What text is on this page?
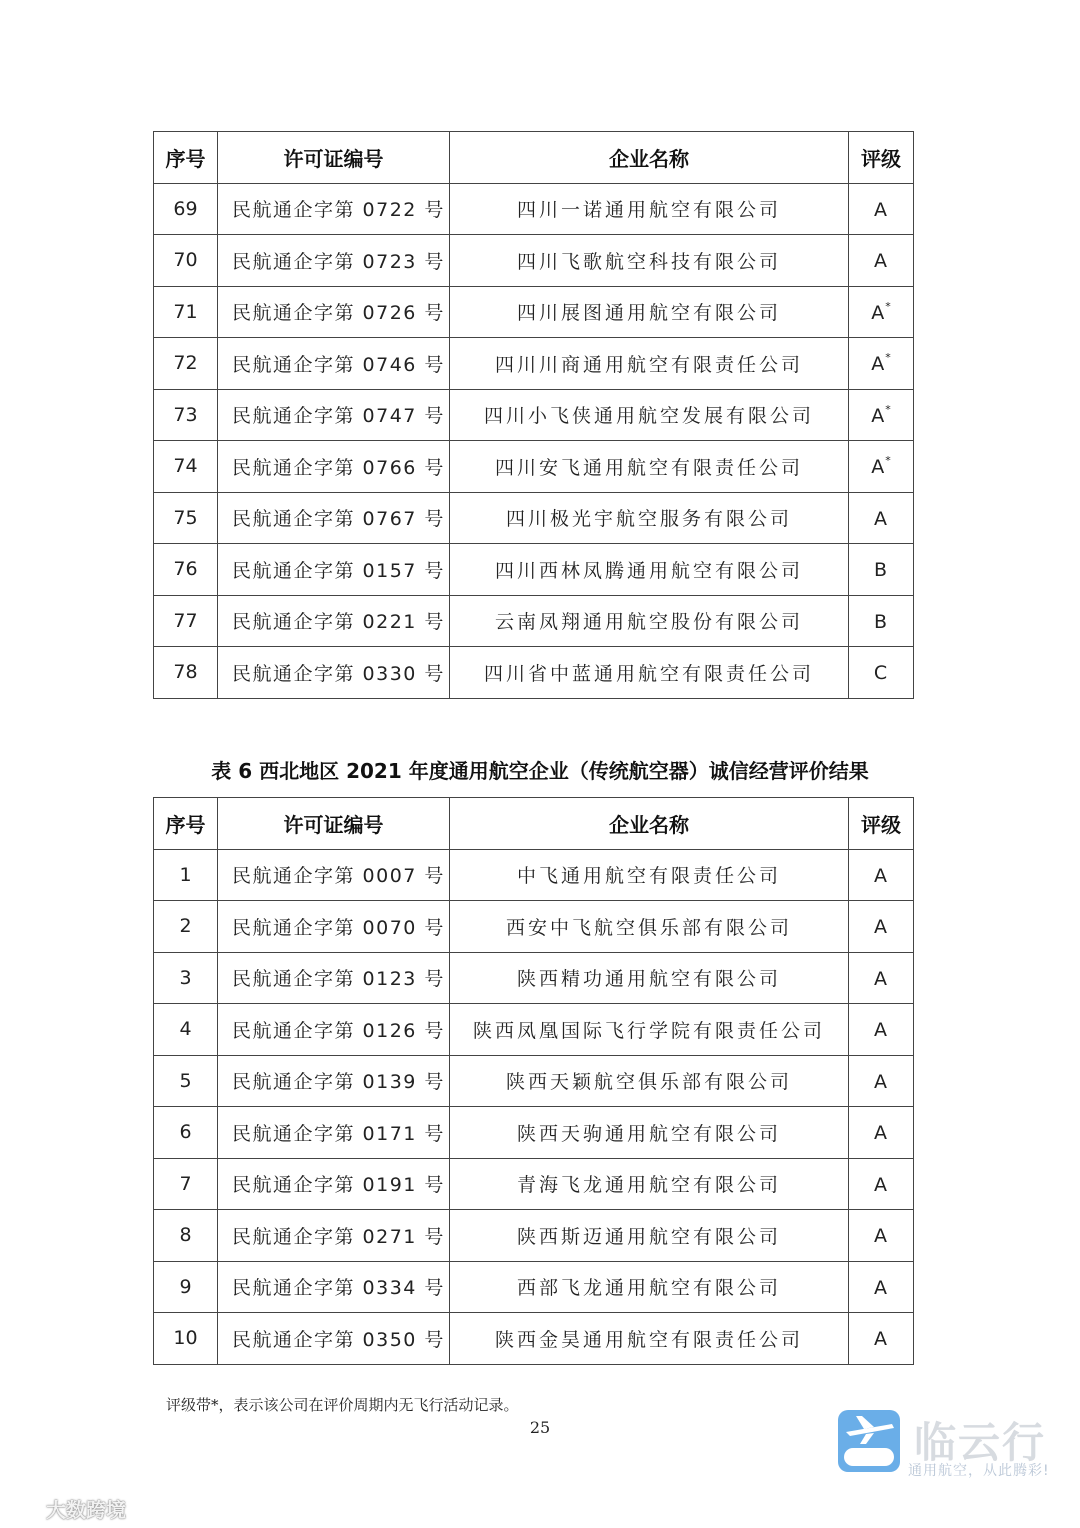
序号	许可证编号	企业名称	评级
69	民航通企字第 0722 号	四川一诺通用航空有限公司	A
70	民航通企字第 0723 号	四川飞歌航空科技有限公司	A
71	民航通企字第 0726 号	四川展图通用航空有限公司	A*
72	民航通企字第 0746 号	四川川商通用航空有限责任公司	A*
73	民航通企字第 0747 号	四川小飞侠通用航空发展有限公司	A*
74	民航通企字第 0766 号	四川安飞通用航空有限责任公司	A*
75	民航通企字第 0767 号	四川极光宇航空服务有限公司	A
76	民航通企字第 0157 号	四川西林凤腾通用航空有限公司	B
77	民航通企字第 0221 号	云南凤翔通用航空股份有限公司	B
78	民航通企字第 0330 号	四川省中蓝通用航空有限责任公司	C
表 6 西北地区 2021 年度通用航空企业（传统航空器）诚信经营评价结果
序号	许可证编号	企业名称	评级
1	民航通企字第 0007 号	中飞通用航空有限责任公司	A
2	民航通企字第 0070 号	西安中飞航空俱乐部有限公司	A
3	民航通企字第 0123 号	陕西精功通用航空有限公司	A
4	民航通企字第 0126 号	陕西凤凰国际飞行学院有限责任公司	A
5	民航通企字第 0139 号	陕西天颖航空俱乐部有限公司	A
6	民航通企字第 0171 号	陕西天驹通用航空有限公司	A
7	民航通企字第 0191 号	青海飞龙通用航空有限公司	A
8	民航通企字第 0271 号	陕西斯迈通用航空有限公司	A
9	民航通企字第 0334 号	西部飞龙通用航空有限公司	A
10	民航通企字第 0350 号	陕西金昊通用航空有限责任公司	A
评级带*，表示该公司在评价周期内无飞行活动记录。
25
大数跨境
临云行
通用航空，从此腾彩!
